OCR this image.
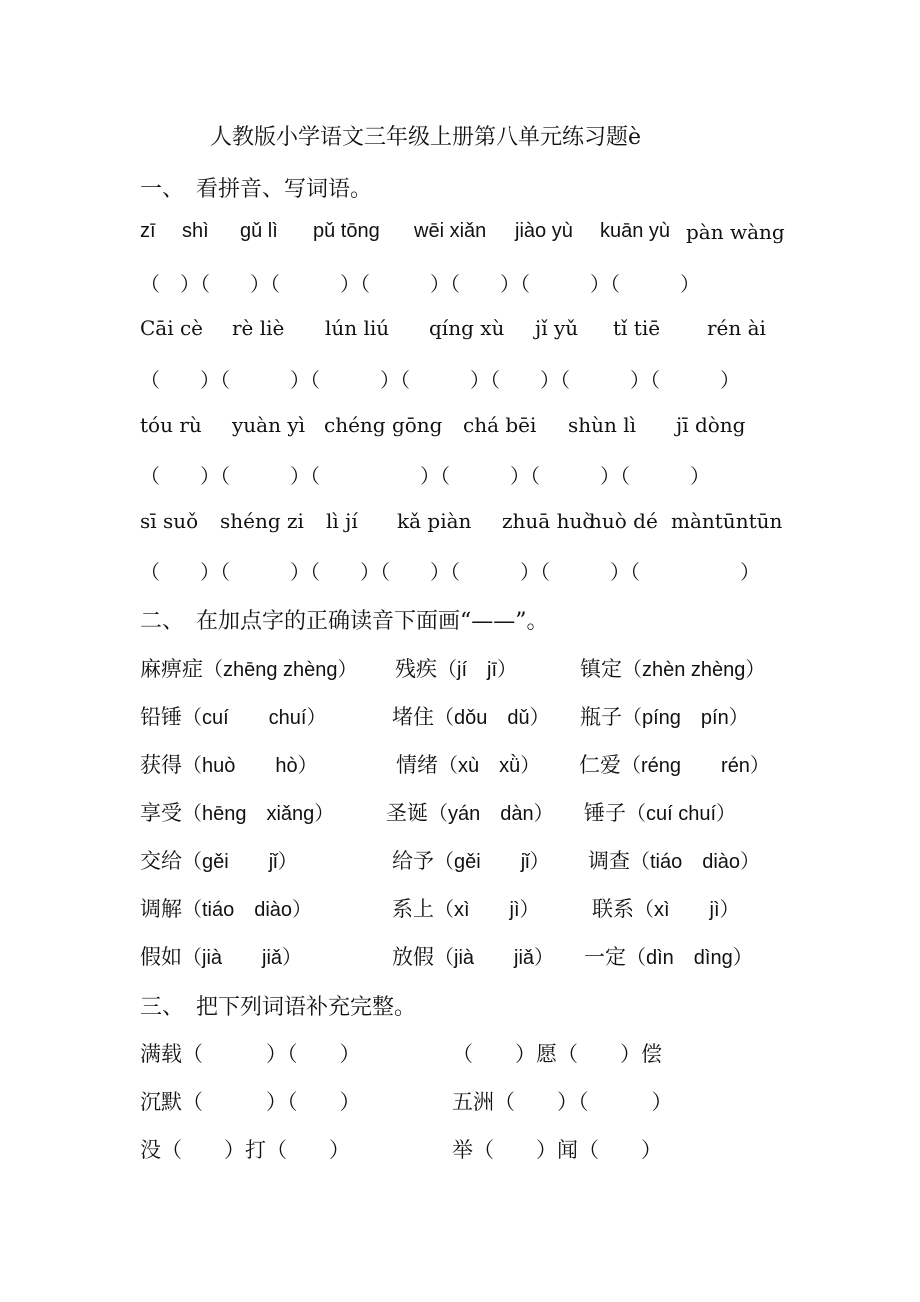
人教版小学语文三年级上册第八单元练习题è
一、 看拼音、写词语。
zī shì gǔ lì pǔ tōng wēi xiǎn jiào yù kuān yù pàn wàng
（　）（　　）（　　　）（　　　）（　　）（　　　）（　　　）
Cāi cè rè liè lún liú qíng xù jǐ yǔ tǐ tiē rén ài
（　　）（　　　）（　　　）（　　　）（　　）（　　　）（　　　）
tóu rù yuàn yì chéng gōng chá bēi shùn lì jī dòng
（　　）（　　　）（　　　　　）（　　　）（　　　）（　　　）
sī suǒ shéng zi lì jí kǎ piàn zhuā huò
huò dé màntūntūn
（　　）（　　　）（　　）（　　）（　　　）（　　　）（　　　　　）
二、 在加点字的正确读音下面画“——”。
麻痹症（zhēng zhèng） 残疾（jí　jī）	镇定（zhèn zhèng）
铅锤（cuí　　chuí）	堵住（dǒu　dǔ） 瓶子（píng　pín）
获得（huò　　hò）	情绪（xù　xǜ） 仁爱（réng　　rén）
享受（hēng　xiǎng） 圣诞（yán　dàn） 锤子（cuí chuí）
交给（gěi　　jǐ）	给予（gěi　　jǐ） 调查（tiáo　diào）
调解（tiáo　diào）	系上（xì　　jì） 联系（xì　　jì）
假如（jià　　jiǎ）	放假（jià　　jiǎ） 一定（dìn　dìng）
三、 把下列词语补充完整。
满载（　　　）（　　）	（　　）愿（　　）偿
沉默（　　　）（　　）	五洲（　　）（　　　）
没（　　）打（　　）	举（　　）闻（　　）
